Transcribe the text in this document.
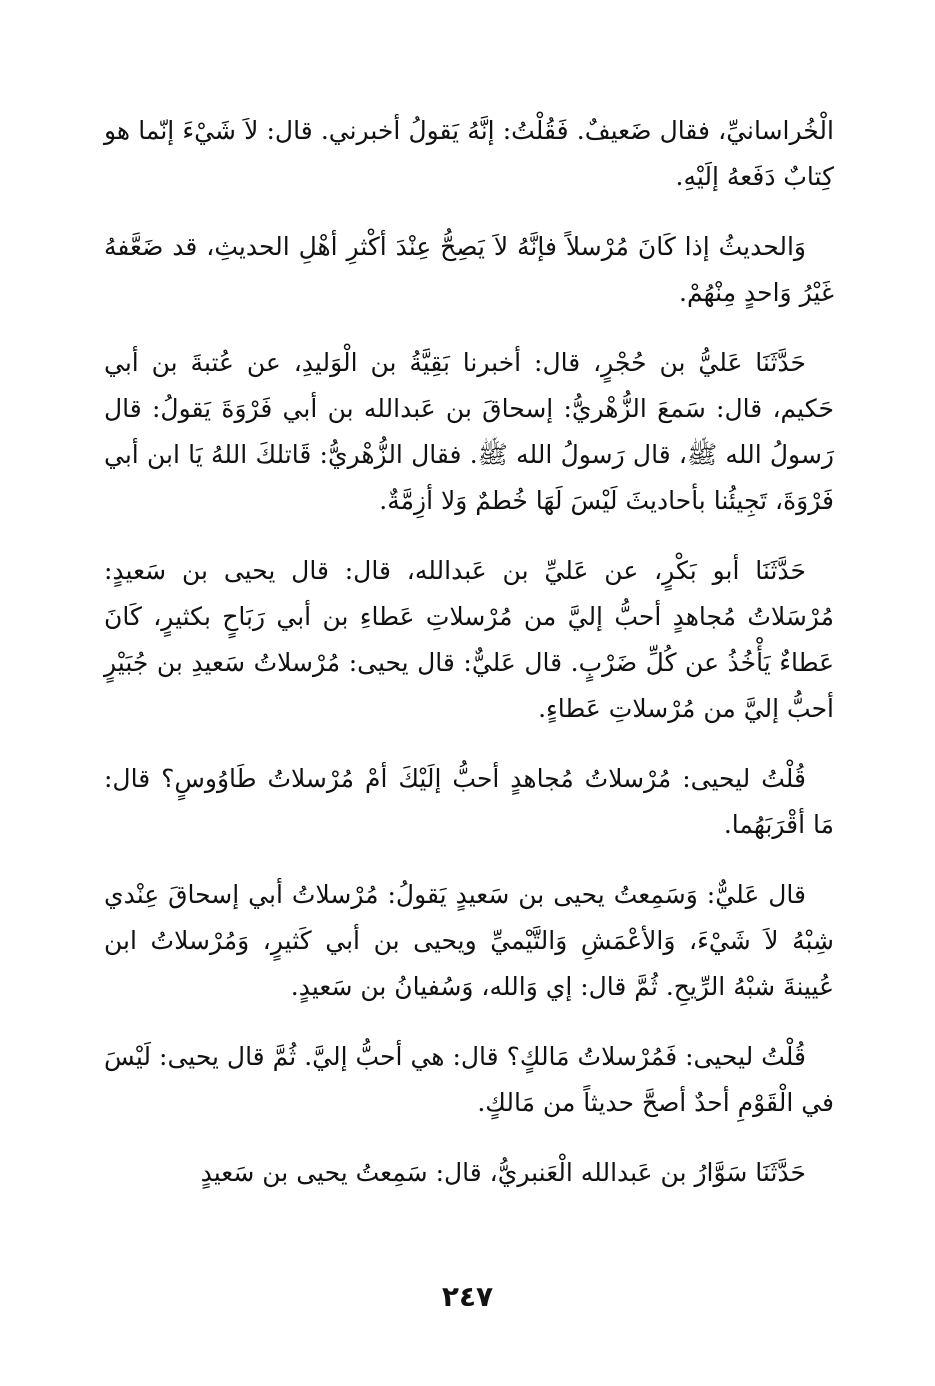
الْخُراسانيِّ، فقال ضَعيفٌ. فَقُلْتُ: إنَّهُ يَقولُ أخبرني. قال: لاَ شَيْءَ إنّما هو كِتابٌ دَفَعهُ إلَيْهِ.

وَالحديثُ إذا كَانَ مُرْسلاً فإنَّهُ لاَ يَصِحُّ عِنْدَ أكْثرِ أهْلِ الحديثِ، قد ضَعَّفهُ غَيْرُ وَاحدٍ مِنْهُمْ.

حَدَّثَنَا عَليُّ بن حُجْرٍ، قال: أخبرنا بَقِيَّةُ بن الْوَليدِ، عن عُتبةَ بن أبي حَكيم، قال: سَمعَ الزُّهْريُّ: إسحاقَ بن عَبدالله بن أبي فَرْوَةَ يَقولُ: قال رَسولُ الله ﷺ، قال رَسولُ الله ﷺ. فقال الزُّهْريُّ: قَاتلكَ اللهُ يَا ابن أبي فَرْوَةَ، تَجِيئُنا بأحاديثَ لَيْسَ لَهَا خُطمٌ وَلا أزِمَّةٌ.

حَدَّثَنَا أبو بَكْرٍ، عن عَليِّ بن عَبدالله، قال: قال يحيى بن سَعيدٍ: مُرْسَلاتُ مُجاهدٍ أحبُّ إليَّ من مُرْسلاتِ عَطاءِ بن أبي رَبَاحٍ بكثيرٍ، كَانَ عَطاءٌ يَأْخُذُ عن كُلِّ ضَرْبٍ. قال عَليٌّ: قال يحيى: مُرْسلاتُ سَعيدِ بن جُبَيْرٍ أحبُّ إليَّ من مُرْسلاتِ عَطاءٍ.

قُلْتُ ليحيى: مُرْسلاتُ مُجاهدٍ أحبُّ إلَيْكَ أمْ مُرْسلاتُ طَاوُوسٍ؟ قال: مَا أقْرَبَهُما.

قال عَليٌّ: وَسَمِعتُ يحيى بن سَعيدٍ يَقولُ: مُرْسلاتُ أبي إسحاقَ عِنْدي شِبْهُ لاَ شَيْءَ، وَالأعْمَشِ وَالتَّيْميِّ ويحيى بن أبي كَثيرٍ، وَمُرْسلاتُ ابن عُيينةَ شبْهُ الرِّيحِ. ثُمَّ قال: إي وَالله، وَسُفيانُ بن سَعيدٍ.

قُلْتُ ليحيى: فَمُرْسلاتُ مَالكٍ؟ قال: هي أحبُّ إليَّ. ثُمَّ قال يحيى: لَيْسَ في الْقَوْمِ أحدٌ أصحَّ حديثاً من مَالكٍ.

حَدَّثَنَا سَوَّارُ بن عَبدالله الْعَنبريُّ، قال: سَمِعتُ يحيى بن سَعيدٍ

٢٤٧
